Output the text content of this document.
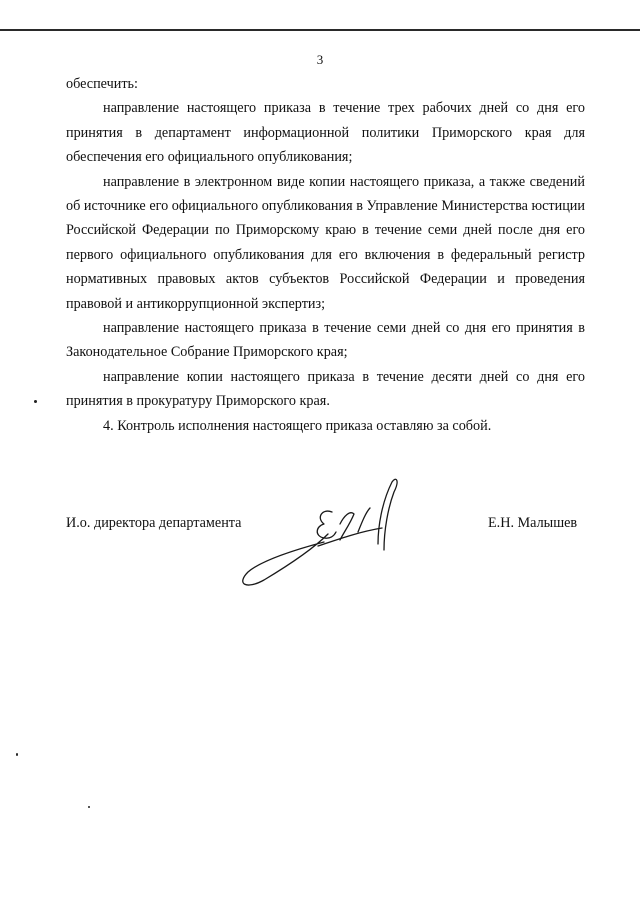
3

обеспечить:

направление настоящего приказа в течение трех рабочих дней со дня его принятия в департамент информационной политики Приморского края для обеспечения его официального опубликования;

направление в электронном виде копии настоящего приказа, а также сведений об источнике его официального опубликования в Управление Министерства юстиции Российской Федерации по Приморскому краю в течение семи дней после дня его первого официального опубликования для его включения в федеральный регистр нормативных правовых актов субъектов Российской Федерации и проведения правовой и антикоррупционной экспертиз;

направление настоящего приказа в течение семи дней со дня его принятия в Законодательное Собрание Приморского края;

направление копии настоящего приказа в течение десяти дней со дня его принятия в прокуратуру Приморского края.

4. Контроль исполнения настоящего приказа оставляю за собой.

И.о. директора департамента	Е.Н. Малышев
